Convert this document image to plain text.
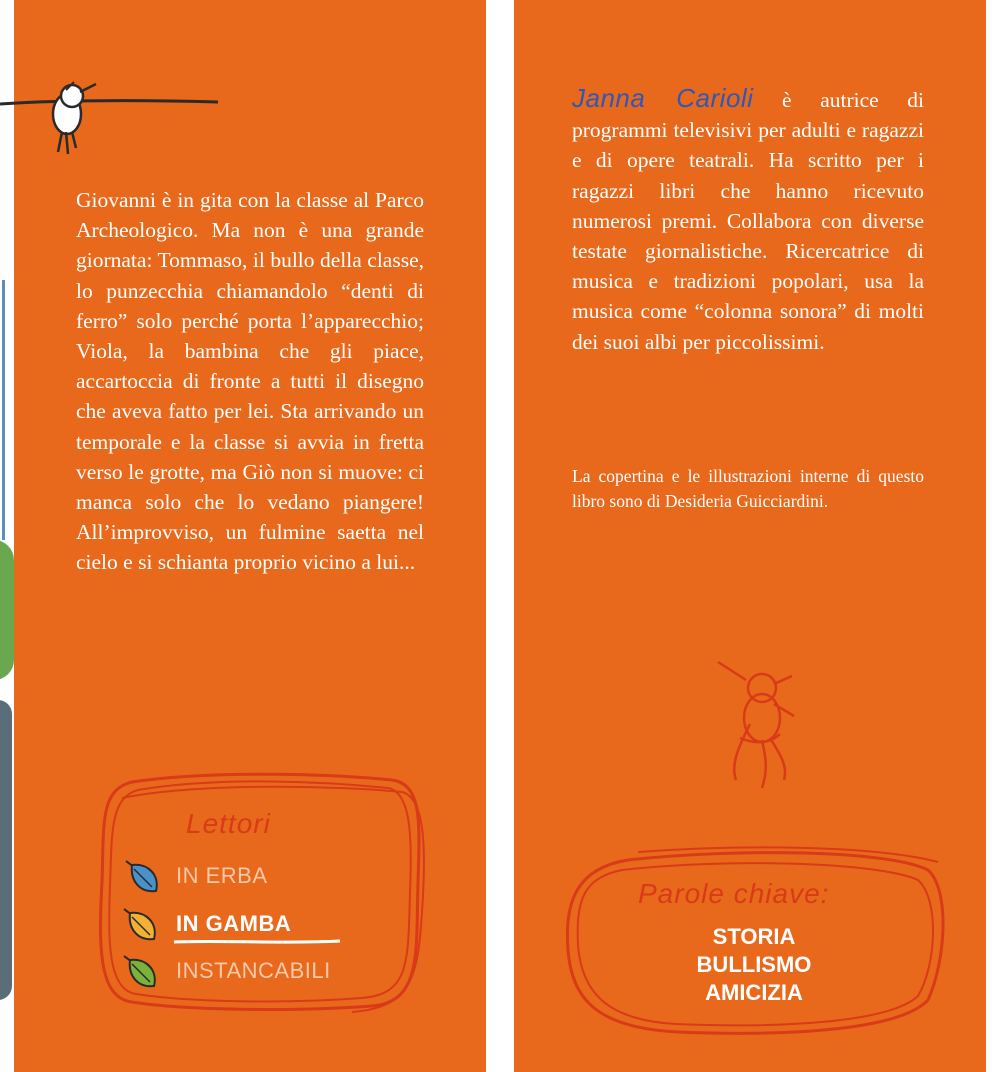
Giovanni è in gita con la classe al Parco Archeologico. Ma non è una grande giornata: Tommaso, il bullo della classe, lo punzecchia chiamandolo “denti di ferro” solo perché porta l’apparecchio; Viola, la bambina che gli piace, accartoccia di fronte a tutti il disegno che aveva fatto per lei. Sta arrivando un temporale e la classe si avvia in fretta verso le grotte, ma Giò non si muove: ci manca solo che lo vedano piangere! All’improvviso, un fulmine saetta nel cielo e si schianta proprio vicino a lui...

Lettori

IN ERBA

IN GAMBA

INSTANCABILI

Janna Carioli è autrice di programmi televisivi per adulti e ragazzi e di opere teatrali. Ha scritto per i ragazzi libri che hanno ricevuto numerosi premi. Collabora con diverse testate giornalistiche. Ricercatrice di musica e tradizioni popolari, usa la musica come “colonna sonora” di molti dei suoi albi per piccolissimi.

La copertina e le illustrazioni interne di questo libro sono di Desideria Guicciardini.

Parole chiave:

STORIA

BULLISMO

AMICIZIA
